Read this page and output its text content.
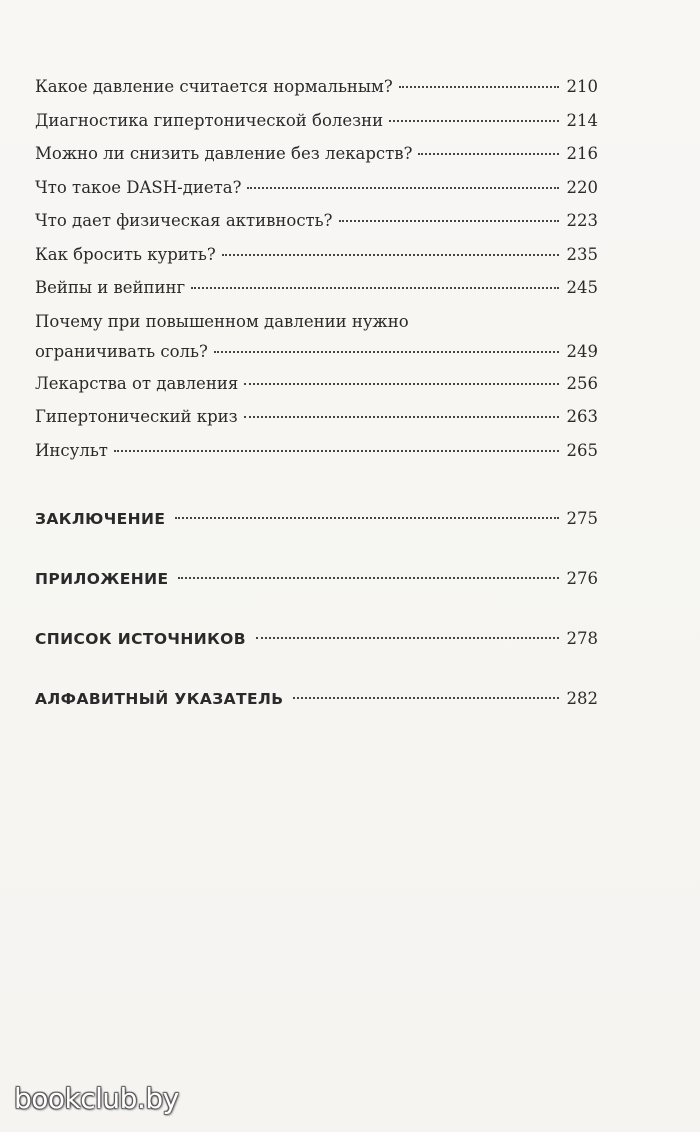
Какое давление считается нормальным?	210
Диагностика гипертонической болезни	214
Можно ли снизить давление без лекарств?	216
Что такое DASH-диета?	220
Что дает физическая активность?	223
Как бросить курить?	235
Вейпы и вейпинг	245
Почему при повышенном давлении нужно
ограничивать соль?	249
Лекарства от давления	256
Гипертонический криз	263
Инсульт	265
ЗАКЛЮЧЕНИЕ	275
ПРИЛОЖЕНИЕ	276
СПИСОК ИСТОЧНИКОВ	278
АЛФАВИТНЫЙ УКАЗАТЕЛЬ	282
bookclub.by
